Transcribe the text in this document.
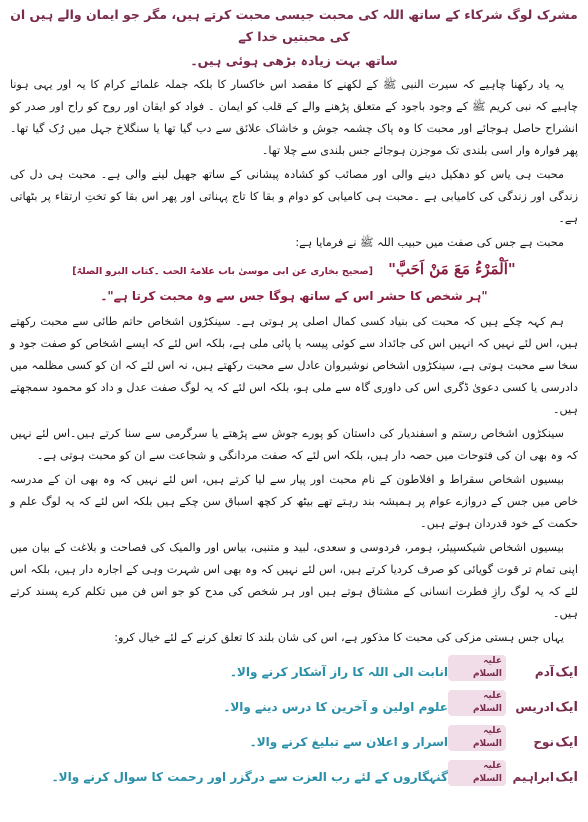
مشرک لوگ شرکاء کے ساتھ اللہ کی محبت جیسی محبت کرتے ہیں، مگر جو ایمان والے ہیں ان کی محبتیں خدا کے

ساتھ بہت زیادہ بڑھی ہوئی ہیں۔

یہ یاد رکھنا چاہیے کہ سیرت النبی ﷺ کے لکھنے کا مقصد اس خاکسار کا بلکہ جملہ علمائے کرام کا یہ اور یہی ہونا چاہیے کہ نبی کریم ﷺ کے وجود باجود کے متعلق پڑھنے والے کے قلب کو ایمان ۔ فواد کو ایقان اور روح کو راح اور صدر کو انشراح حاصل ہوجائے اور محبت کا وہ پاک چشمہ جوش و خاشاک علائق سے دب گیا تھا یا سنگلاخ جہل میں رُک گیا تھا۔ پھر فوارہ وار اسی بلندی تک موجزن ہوجائے جس بلندی سے چلا تھا۔

محبت ہی یاس کو دھکیل دینے والی اور مصائب کو کشادہ پیشانی کے ساتھ جھیل لینے والی ہے۔ محبت ہی دل کی زندگی اور زندگی کی کامیابی ہے ۔محبت ہی کامیابی کو دوام و بقا کا تاج پہناتی اور پھر اس بقا کو تختِ ارتقاء پر بٹھاتی ہے۔

محبت ہے جس کی صفت میں حبیب اللہ ﷺ نے فرمایا ہے:

"اَلْمَرْءُ مَعَ مَنْ اَحَبَّ" [صحیح بخاری عن ابی موسیٰ باب علامۃ الحب ۔کتاب البرو الصلۃ]

"ہر شخص کا حشر اس کے ساتھ ہوگا جس سے وہ محبت کرتا ہے"۔

ہم کہہ چکے ہیں کہ محبت کی بنیاد کسی کمال اصلی پر ہوتی ہے۔ سینکڑوں اشخاص حاتم طائی سے محبت رکھتے ہیں، اس لئے نہیں کہ انہیں اس کی جائداد سے کوئی پیسہ یا پائی ملی ہے، بلکہ اس لئے کہ ایسے اشخاص کو صفت جود و سخا سے محبت ہوتی ہے، سینکڑوں اشخاص نوشیروان عادل سے محبت رکھتے ہیں، نہ اس لئے کہ ان کو کسی مظلمہ میں دادرسی یا کسی دعویٰ ڈگری اس کی داوری گاہ سے ملی ہو، بلکہ اس لئے کہ یہ لوگ صفت عدل و داد کو محمود سمجھتے ہیں۔

سینکڑوں اشخاص رستم و اسفندیار کی داستان کو پورے جوش سے پڑھتے یا سرگرمی سے سنا کرتے ہیں۔اس لئے نہیں کہ وہ بھی ان کی فتوحات میں حصہ دار ہیں، بلکہ اس لئے کہ صفت مردانگی و شجاعت سے ان کو محبت ہوتی ہے۔

بیسیوں اشخاص سقراط و افلاطون کے نام محبت اور پیار سے لیا کرتے ہیں، اس لئے نہیں کہ وہ بھی ان کے مدرسہ خاص میں جس کے دروازے عوام پر ہمیشہ بند رہتے تھے بیٹھ کر کچھ اسباق سن چکے ہیں بلکہ اس لئے کہ یہ لوگ علم و حکمت کے خود قدردان ہوتے ہیں۔

بیسیوں اشخاص شیکسپیئر، ہومر، فردوسی و سعدی، لبید و متنبی، بیاس اور والمیک کی فصاحت و بلاغت کے بیان میں اپنی تمام تر قوت گویائی کو صرف کردیا کرتے ہیں، اس لئے نہیں کہ وہ بھی اس شہرت وہی کے اجارہ دار ہیں، بلکہ اس لئے کہ یہ لوگ رازِ فطرت انسانی کے مشتاق ہوتے ہیں اور ہر شخص کی مدح کو جو اس فن میں تکلم کرے پسند کرتے ہیں۔

یہاں جس ہستی مزکی کی محبت کا مذکور ہے، اس کی شان بلند کا تعلق کرنے کے لئے خیال کرو:

ایک
آدم
علیہ السلام
انابت الی اللہ کا راز آشکار کرنے والا۔
ایک
ادریس
علیہ السلام
علوم اولین و آخرین کا درس دینے والا۔
ایک
نوح
علیہ السلام
اسرار و اعلان سے تبلیغ کرنے والا۔
ایک
ابراہیم
علیہ السلام
گنہگاروں کے لئے رب العزت سے درگزر اور رحمت کا سوال کرنے والا۔
